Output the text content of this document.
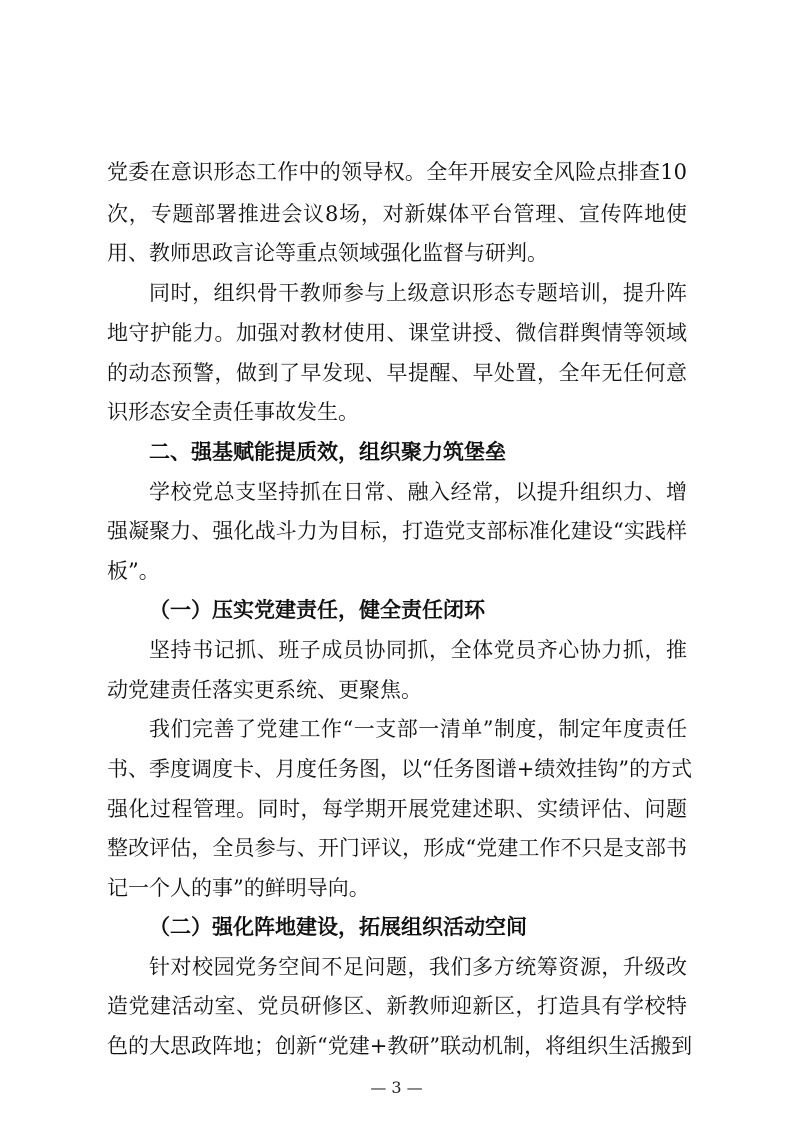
党委在意识形态工作中的领导权。全年开展安全风险点排查10
次，专题部署推进会议8场，对新媒体平台管理、宣传阵地使
用、教师思政言论等重点领域强化监督与研判。
同时，组织骨干教师参与上级意识形态专题培训，提升阵
地守护能力。加强对教材使用、课堂讲授、微信群舆情等领域
的动态预警，做到了早发现、早提醒、早处置，全年无任何意
识形态安全责任事故发生。
二、强基赋能提质效，组织聚力筑堡垒
学校党总支坚持抓在日常、融入经常，以提升组织力、增
强凝聚力、强化战斗力为目标，打造党支部标准化建设“实践样
板”。
（一）压实党建责任，健全责任闭环
坚持书记抓、班子成员协同抓，全体党员齐心协力抓，推
动党建责任落实更系统、更聚焦。
我们完善了党建工作“一支部一清单”制度，制定年度责任
书、季度调度卡、月度任务图，以“任务图谱+绩效挂钩”的方式
强化过程管理。同时，每学期开展党建述职、实绩评估、问题
整改评估，全员参与、开门评议，形成“党建工作不只是支部书
记一个人的事”的鲜明导向。
（二）强化阵地建设，拓展组织活动空间
针对校园党务空间不足问题，我们多方统筹资源，升级改
造党建活动室、党员研修区、新教师迎新区，打造具有学校特
色的大思政阵地；创新“党建+教研”联动机制，将组织生活搬到
— 3 —
